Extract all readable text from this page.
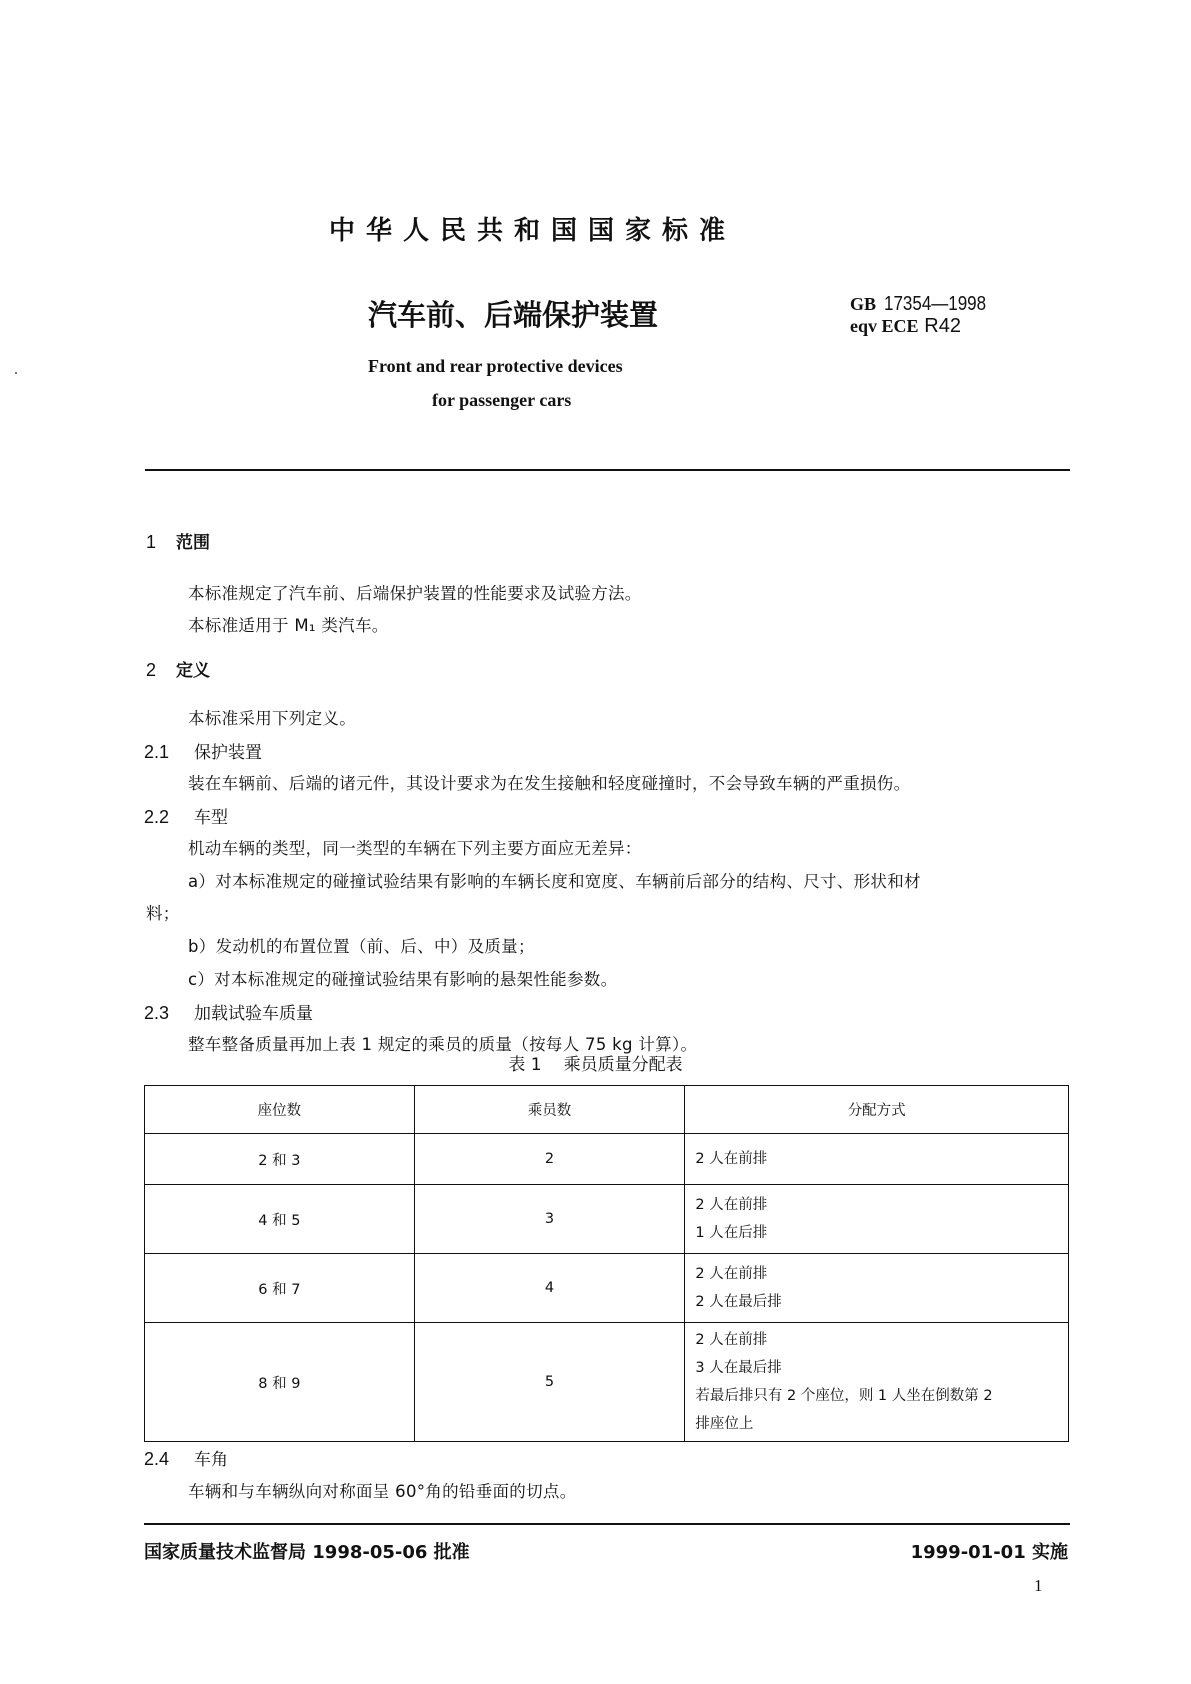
中华人民共和国国家标准
汽车前、后端保护装置	GB 17354—1998
eqv ECE R42
Front and rear protective devices
for passenger cars
1 范围
本标准规定了汽车前、后端保护装置的性能要求及试验方法。
本标准适用于 M₁ 类汽车。
2 定义
本标准采用下列定义。
2.1 保护装置
装在车辆前、后端的诸元件，其设计要求为在发生接触和轻度碰撞时，不会导致车辆的严重损伤。
2.2 车型
机动车辆的类型，同一类型的车辆在下列主要方面应无差异：
a）对本标准规定的碰撞试验结果有影响的车辆长度和宽度、车辆前后部分的结构、尺寸、形状和材
料；
b）发动机的布置位置（前、后、中）及质量；
c）对本标准规定的碰撞试验结果有影响的悬架性能参数。
2.3 加载试验车质量
整车整备质量再加上表 1 规定的乘员的质量（按每人 75 kg 计算）。
表 1 乘员质量分配表
座位数	乘员数	分配方式
2 和 3	2	2 人在前排

4 和 5	3	2 人在前排
1 人在后排

6 和 7	4	2 人在前排
2 人在最后排

8 和 9	5	2 人在前排
3 人在最后排
若最后排只有 2 个座位，则 1 人坐在倒数第 2
排座位上
2.4 车角
车辆和与车辆纵向对称面呈 60°角的铅垂面的切点。
国家质量技术监督局 1998-05-06 批准	1999-01-01 实施
1
